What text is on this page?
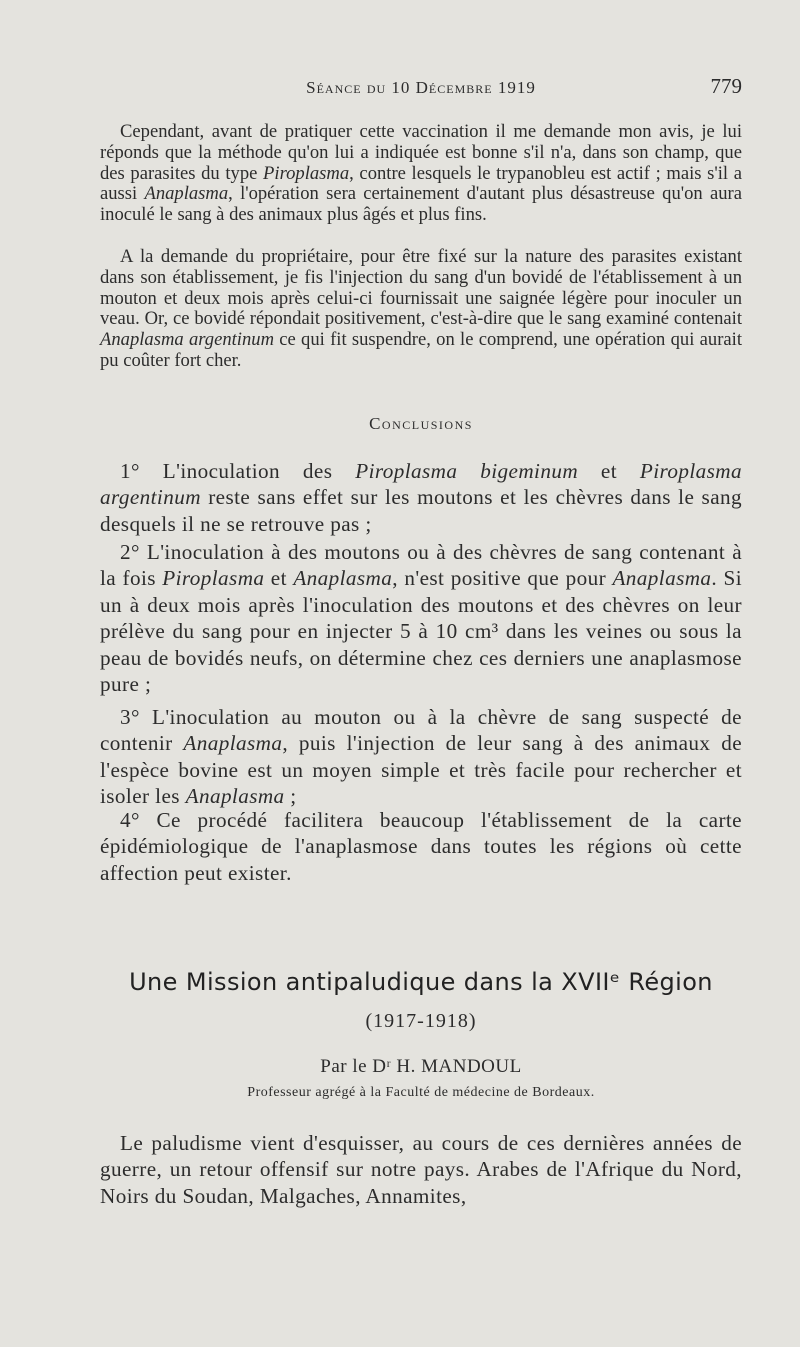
Séance du 10 Décembre 1919	779

Cependant, avant de pratiquer cette vaccination il me demande mon avis, je lui réponds que la méthode qu'on lui a indiquée est bonne s'il n'a, dans son champ, que des parasites du type Piroplasma, contre lesquels le trypanobleu est actif ; mais s'il a aussi Anaplasma, l'opération sera certainement d'autant plus désastreuse qu'on aura inoculé le sang à des animaux plus âgés et plus fins.

A la demande du propriétaire, pour être fixé sur la nature des parasites existant dans son établissement, je fis l'injection du sang d'un bovidé de l'établissement à un mouton et deux mois après celui-ci fournissait une saignée légère pour inoculer un veau. Or, ce bovidé répondait positivement, c'est-à-dire que le sang examiné contenait Anaplasma argentinum ce qui fit suspendre, on le comprend, une opération qui aurait pu coûter fort cher.

Conclusions

1° L'inoculation des Piroplasma bigeminum et Piroplasma argentinum reste sans effet sur les moutons et les chèvres dans le sang desquels il ne se retrouve pas ;

2° L'inoculation à des moutons ou à des chèvres de sang contenant à la fois Piroplasma et Anaplasma, n'est positive que pour Anaplasma. Si un à deux mois après l'inoculation des moutons et des chèvres on leur prélève du sang pour en injecter 5 à 10 cm³ dans les veines ou sous la peau de bovidés neufs, on détermine chez ces derniers une anaplasmose pure ;

3° L'inoculation au mouton ou à la chèvre de sang suspecté de contenir Anaplasma, puis l'injection de leur sang à des animaux de l'espèce bovine est un moyen simple et très facile pour rechercher et isoler les Anaplasma ;

4° Ce procédé facilitera beaucoup l'établissement de la carte épidémiologique de l'anaplasmose dans toutes les régions où cette affection peut exister.

Une Mission antipaludique dans la XVIIᵉ Région
(1917-1918)
Par le Dʳ H. MANDOUL
Professeur agrégé à la Faculté de médecine de Bordeaux.

Le paludisme vient d'esquisser, au cours de ces dernières années de guerre, un retour offensif sur notre pays. Arabes de l'Afrique du Nord, Noirs du Soudan, Malgaches, Annamites,
